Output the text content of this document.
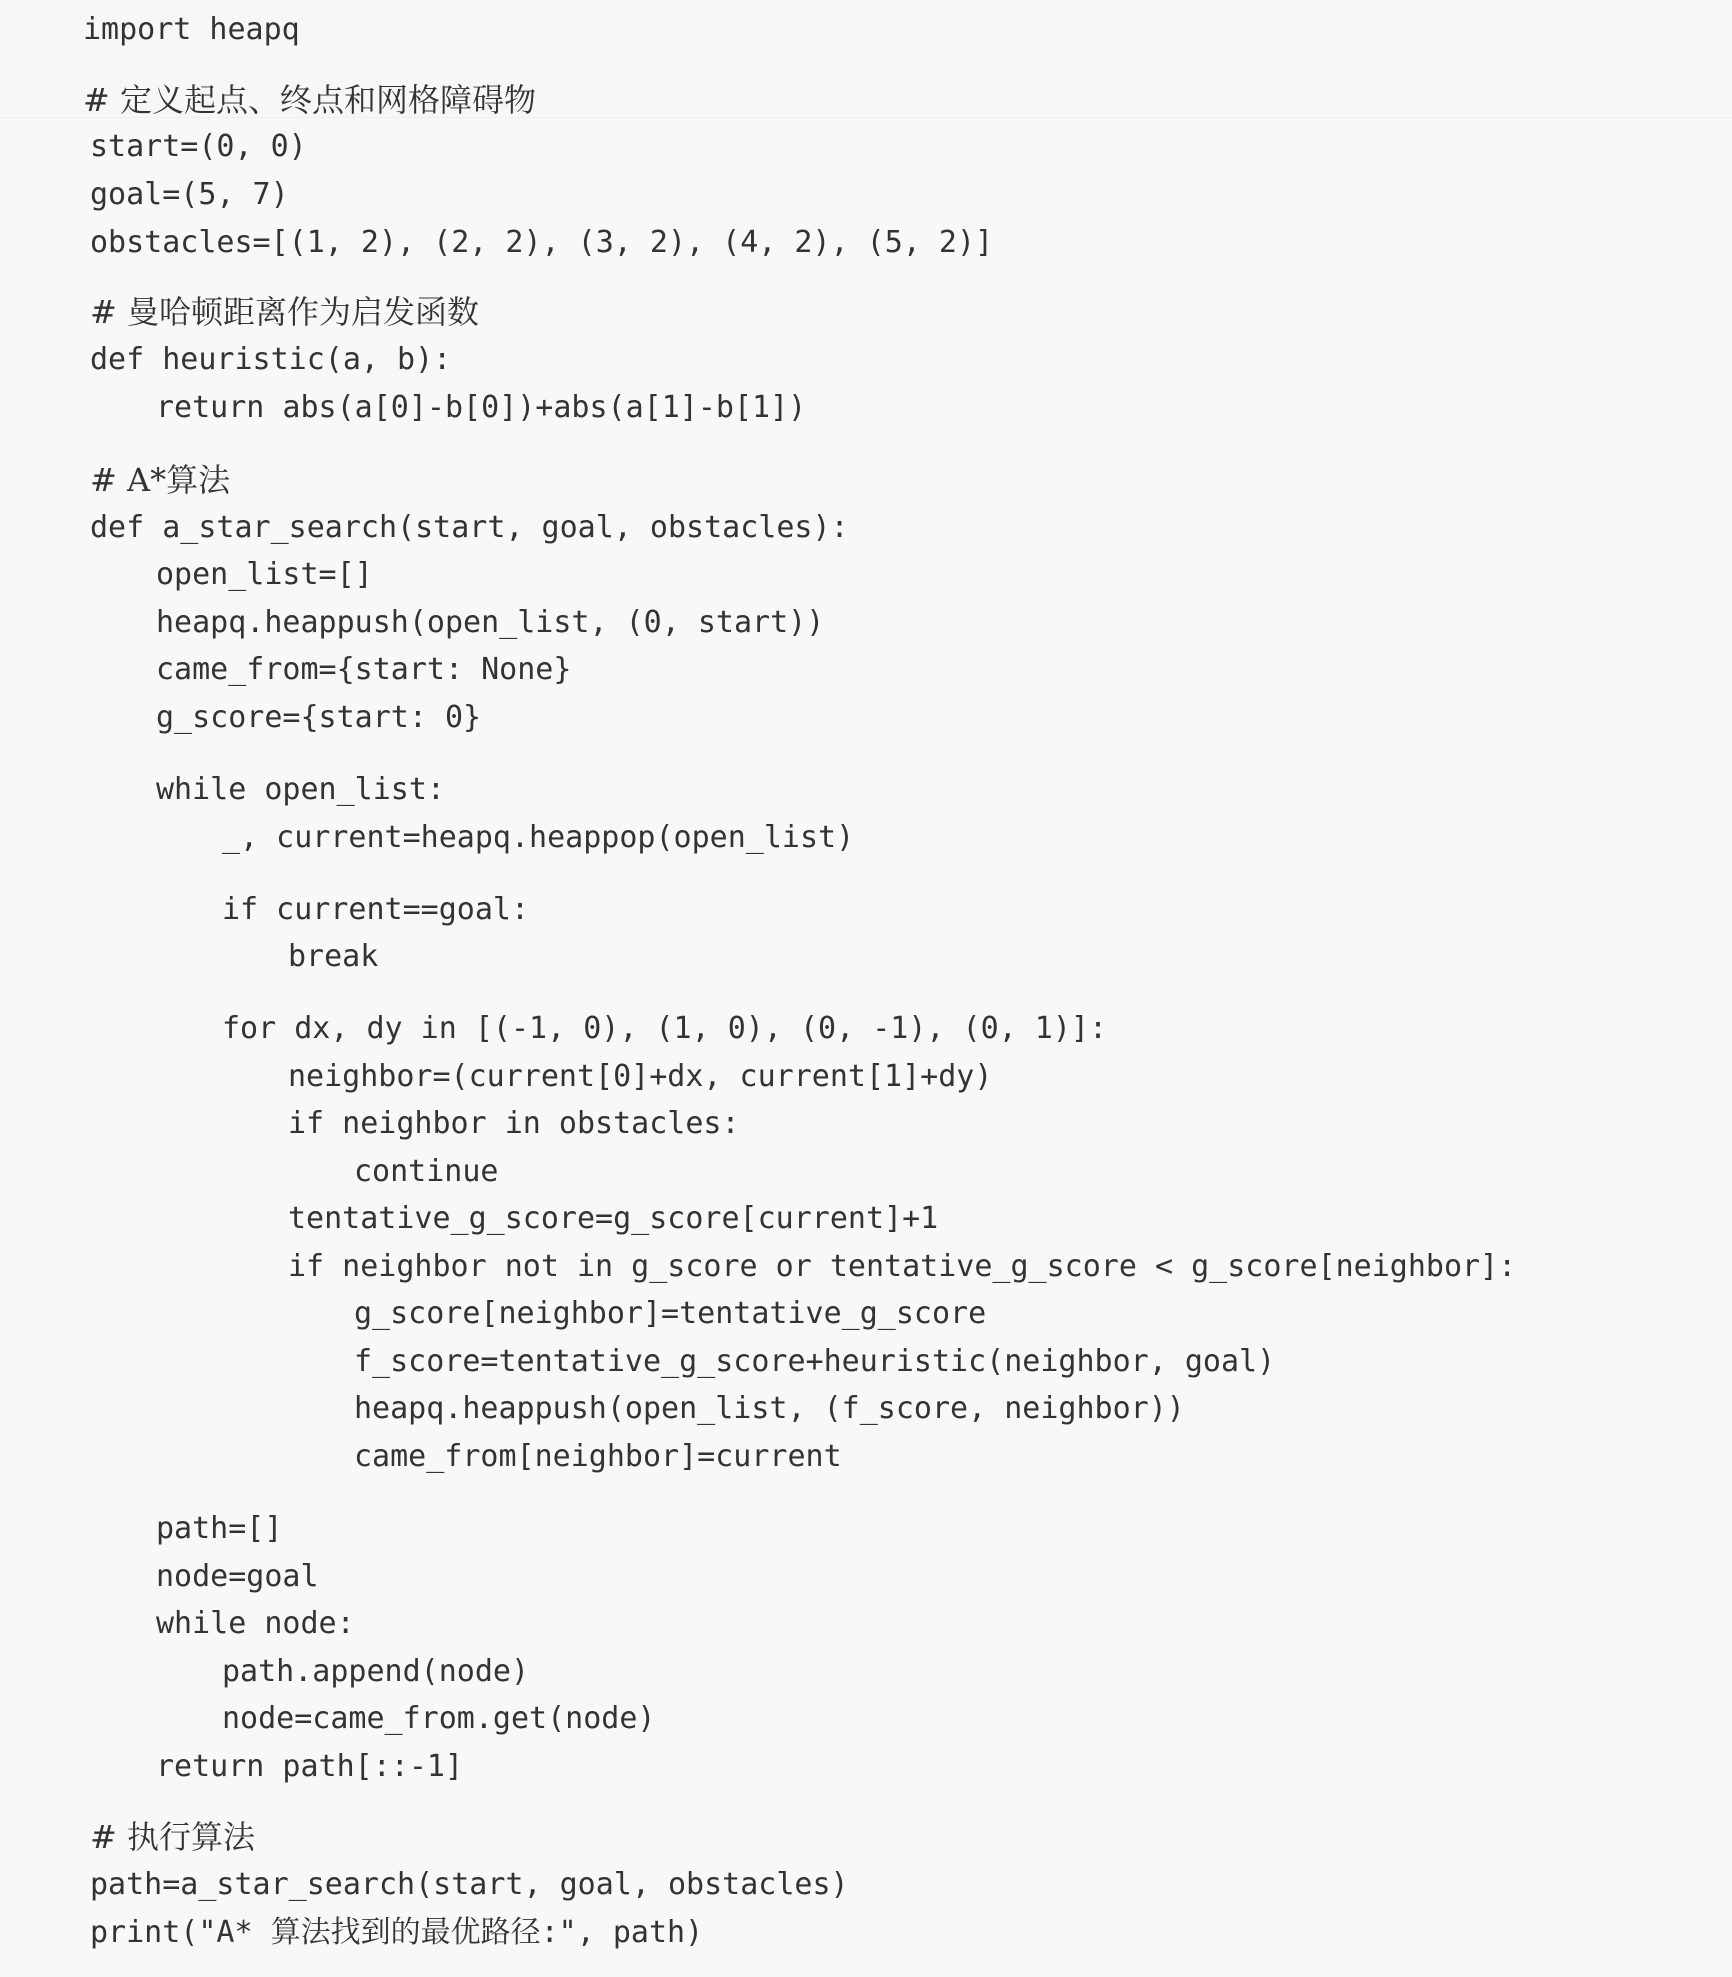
import heapq
# 定义起点、终点和网格障碍物
start=(0, 0)
goal=(5, 7)
obstacles=[(1, 2), (2, 2), (3, 2), (4, 2), (5, 2)]
# 曼哈顿距离作为启发函数
def heuristic(a, b):
return abs(a[0]-b[0])+abs(a[1]-b[1])
# A*算法
def a_star_search(start, goal, obstacles):
open_list=[]
heapq.heappush(open_list, (0, start))
came_from={start: None}
g_score={start: 0}
while open_list:
_, current=heapq.heappop(open_list)
if current==goal:
break
for dx, dy in [(-1, 0), (1, 0), (0, -1), (0, 1)]:
neighbor=(current[0]+dx, current[1]+dy)
if neighbor in obstacles:
continue
tentative_g_score=g_score[current]+1
if neighbor not in g_score or tentative_g_score < g_score[neighbor]:
g_score[neighbor]=tentative_g_score
f_score=tentative_g_score+heuristic(neighbor, goal)
heapq.heappush(open_list, (f_score, neighbor))
came_from[neighbor]=current
path=[]
node=goal
while node:
path.append(node)
node=came_from.get(node)
return path[::-1]
# 执行算法
path=a_star_search(start, goal, obstacles)
print("A* 算法找到的最优路径:", path)
